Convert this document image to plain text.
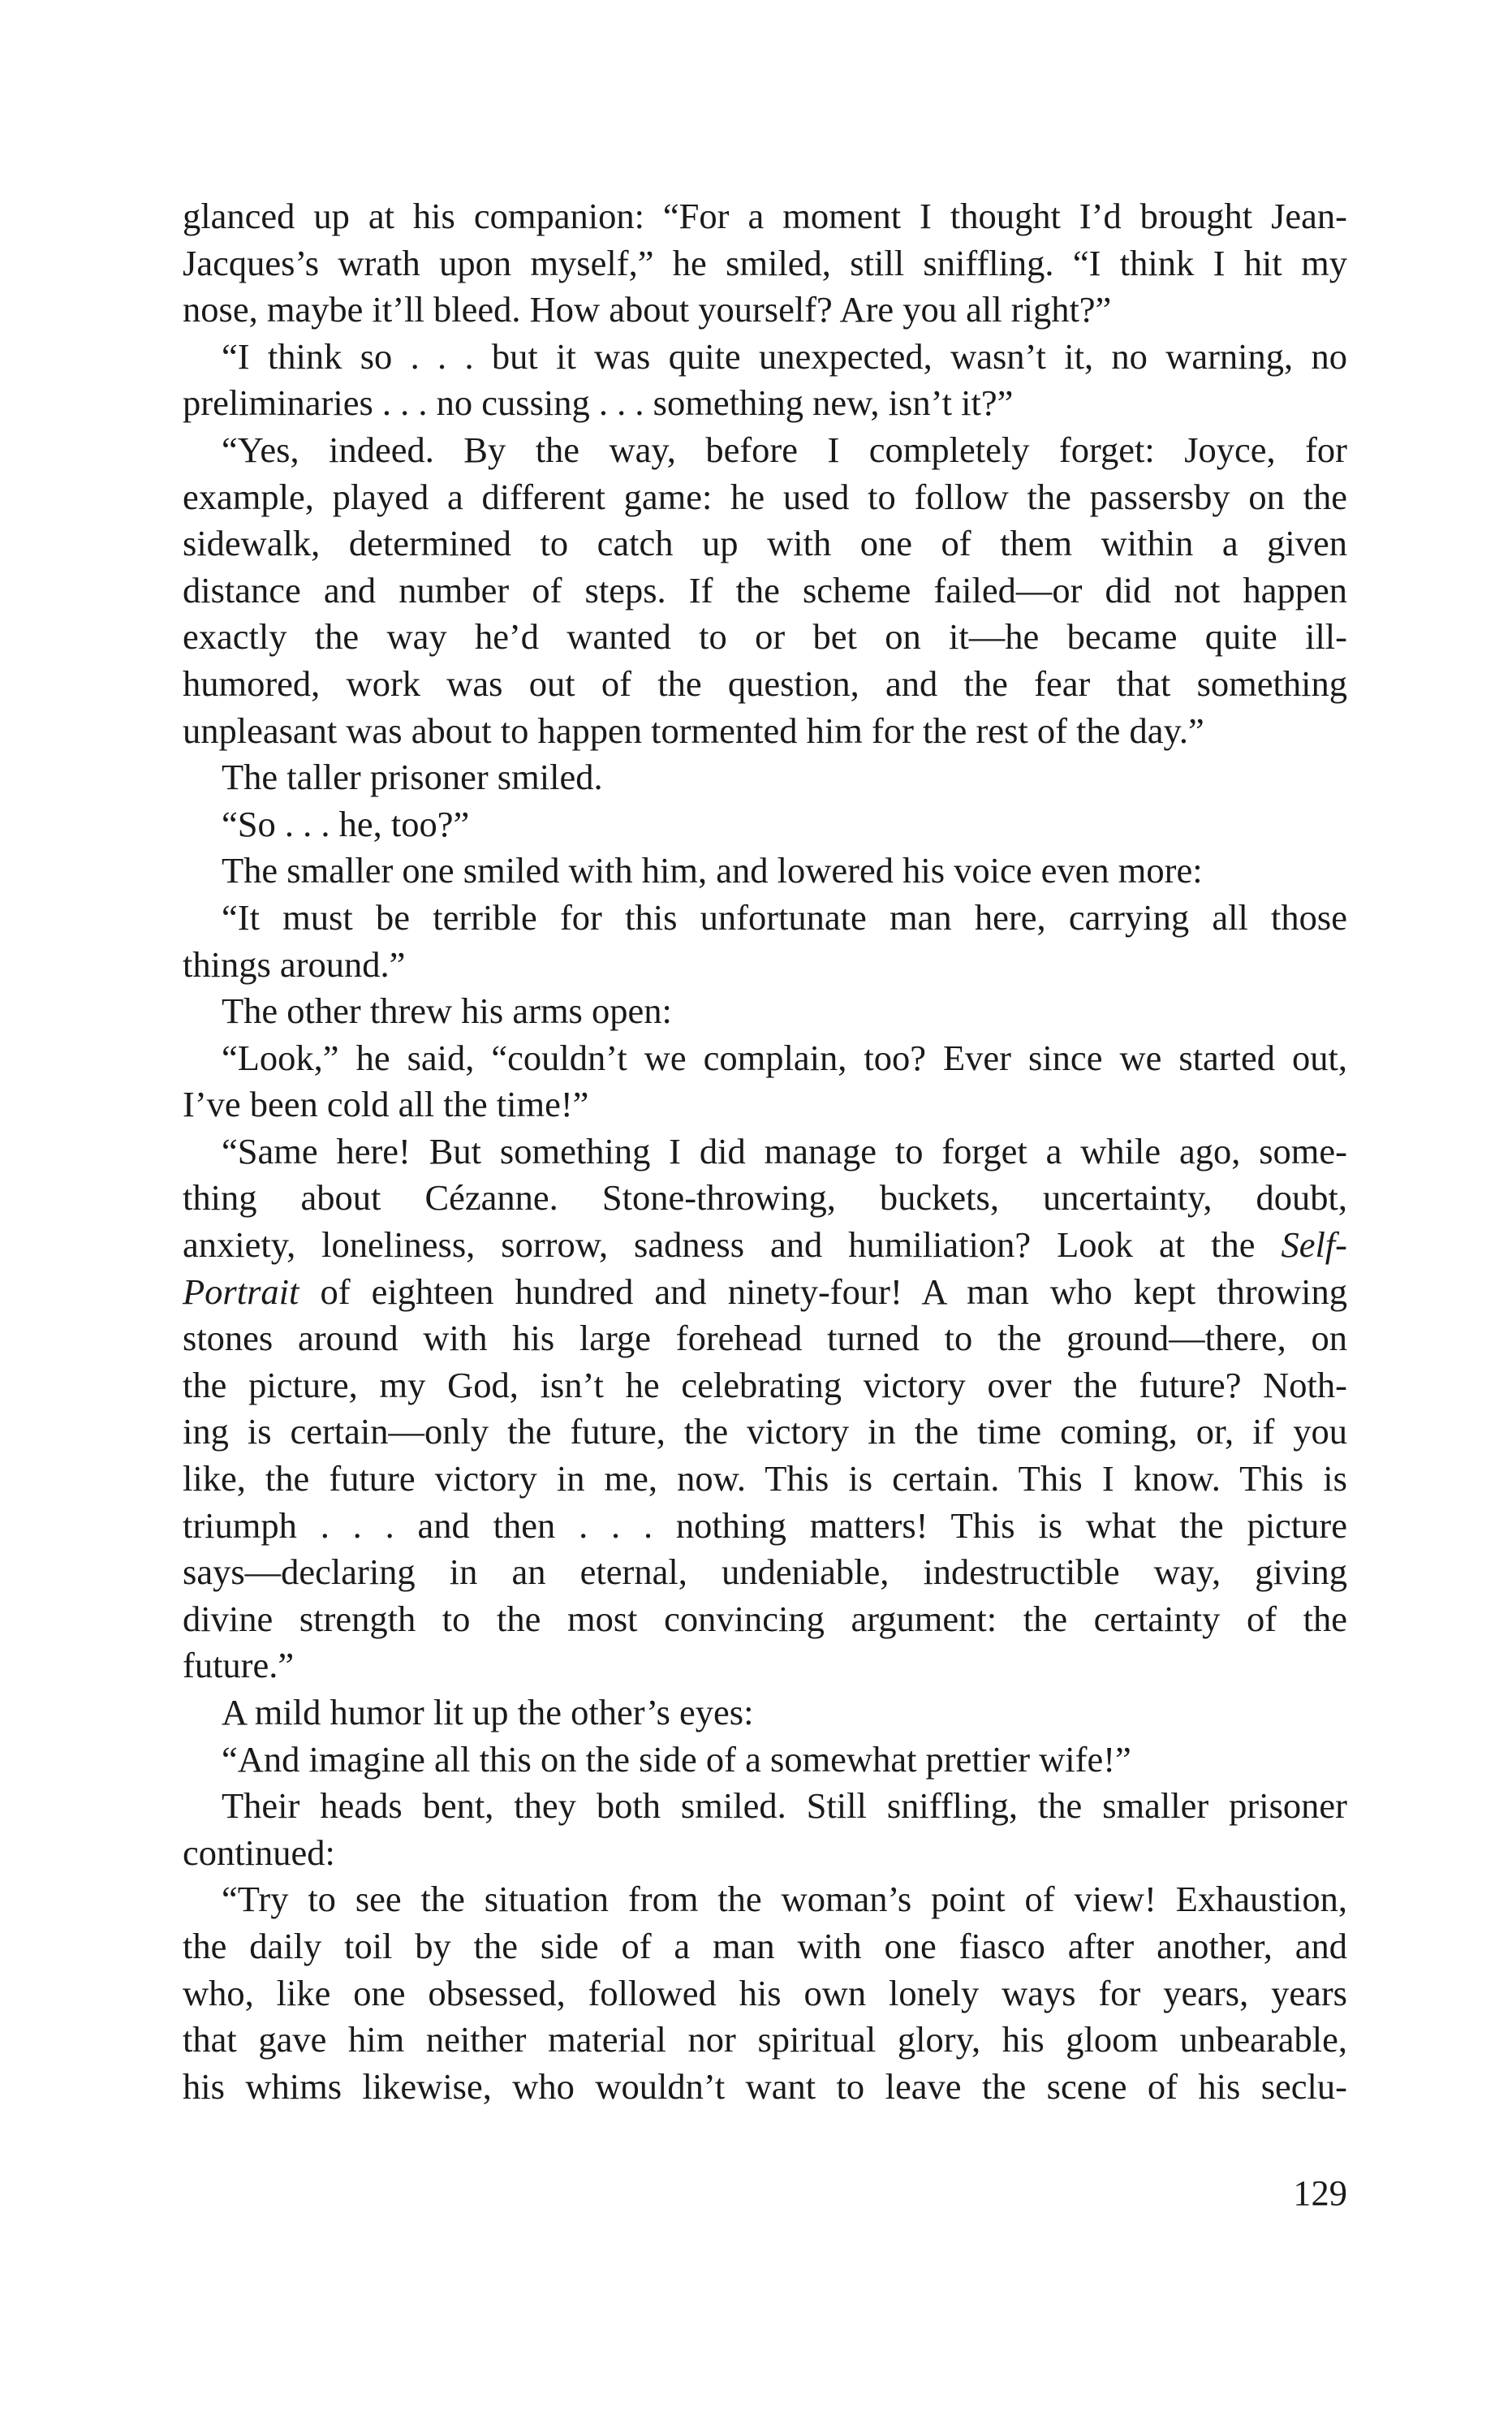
glanced up at his companion: “For a moment I thought I’d brought Jean-
Jacques’s wrath upon myself,” he smiled, still sniffling. “I think I hit my
nose, maybe it’ll bleed. How about yourself? Are you all right?”
“I think so . . . but it was quite unexpected, wasn’t it, no warning, no
preliminaries . . . no cussing . . . something new, isn’t it?”
“Yes, indeed. By the way, before I completely forget: Joyce, for
example, played a different game: he used to follow the passersby on the
sidewalk, determined to catch up with one of them within a given
distance and number of steps. If the scheme failed—or did not happen
exactly the way he’d wanted to or bet on it—he became quite ill-
humored, work was out of the question, and the fear that something
unpleasant was about to happen tormented him for the rest of the day.”
The taller prisoner smiled.
“So . . . he, too?”
The smaller one smiled with him, and lowered his voice even more:
“It must be terrible for this unfortunate man here, carrying all those
things around.”
The other threw his arms open:
“Look,” he said, “couldn’t we complain, too? Ever since we started out,
I’ve been cold all the time!”
“Same here! But something I did manage to forget a while ago, some-
thing about Cézanne. Stone-throwing, buckets, uncertainty, doubt,
anxiety, loneliness, sorrow, sadness and humiliation? Look at the Self-
Portrait of eighteen hundred and ninety-four! A man who kept throwing
stones around with his large forehead turned to the ground—there, on
the picture, my God, isn’t he celebrating victory over the future? Noth-
ing is certain—only the future, the victory in the time coming, or, if you
like, the future victory in me, now. This is certain. This I know. This is
triumph . . . and then . . . nothing matters! This is what the picture
says—declaring in an eternal, undeniable, indestructible way, giving
divine strength to the most convincing argument: the certainty of the
future.”
A mild humor lit up the other’s eyes:
“And imagine all this on the side of a somewhat prettier wife!”
Their heads bent, they both smiled. Still sniffling, the smaller prisoner
continued:
“Try to see the situation from the woman’s point of view! Exhaustion,
the daily toil by the side of a man with one fiasco after another, and
who, like one obsessed, followed his own lonely ways for years, years
that gave him neither material nor spiritual glory, his gloom unbearable,
his whims likewise, who wouldn’t want to leave the scene of his seclu-
129
